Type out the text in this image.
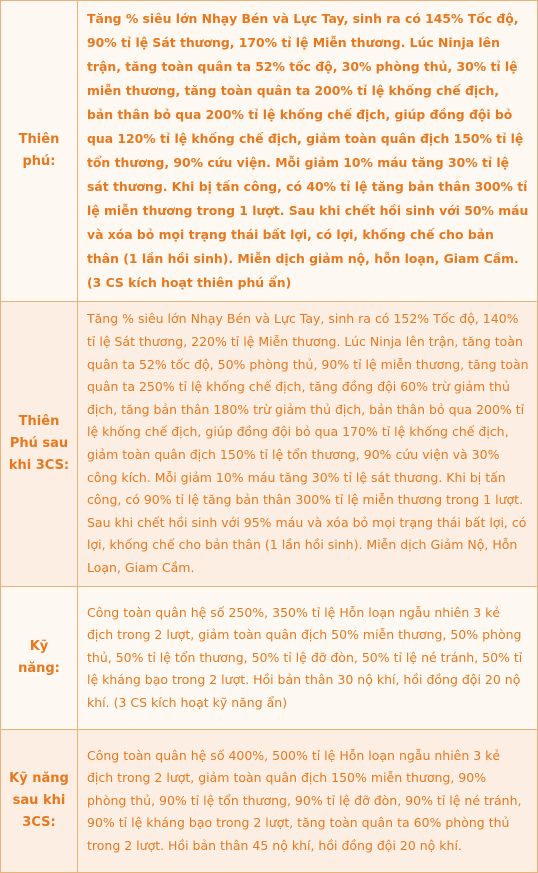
Thiên phú:	Tăng % siêu lớn Nhạy Bén và Lực Tay, sinh ra có 145% Tốc độ, 90% tỉ lệ Sát thương, 170% tỉ lệ Miễn thương. Lúc Ninja lên trận, tăng toàn quân ta 52% tốc độ, 30% phòng thủ, 30% tỉ lệ miễn thương, tăng toàn quân ta 200% tỉ lệ khống chế địch, bản thân bỏ qua 200% tỉ lệ khống chế địch, giúp đồng đội bỏ qua 120% tỉ lệ khống chế địch, giảm toàn quân địch 150% tỉ lệ tổn thương, 90% cứu viện. Mỗi giảm 10% máu tăng 30% tỉ lệ sát thương. Khi bị tấn công, có 40% tỉ lệ tăng bản thân 300% tỉ lệ miễn thương trong 1 lượt. Sau khi chết hồi sinh với 50% máu và xóa bỏ mọi trạng thái bất lợi, có lợi, khống chế cho bản thân (1 lần hồi sinh). Miễn dịch giảm nộ, hỗn loạn, Giam Cầm. (3 CS kích hoạt thiên phú ẩn)
Thiên Phú sau khi 3CS:	Tăng % siêu lớn Nhạy Bén và Lực Tay, sinh ra có 152% Tốc độ, 140% tỉ lệ Sát thương, 220% tỉ lệ Miễn thương. Lúc Ninja lên trận, tăng toàn quân ta 52% tốc độ, 50% phòng thủ, 90% tỉ lệ miễn thương, tăng toàn quân ta 250% tỉ lệ khống chế địch, tăng đồng đội 60% trừ giảm thủ địch, tăng bản thân 180% trừ giảm thủ địch, bản thân bỏ qua 200% tỉ lệ khống chế địch, giúp đồng đội bỏ qua 170% tỉ lệ khống chế địch, giảm toàn quân địch 150% tỉ lệ tổn thương, 90% cứu viện và 30% công kích. Mỗi giảm 10% máu tăng 30% tỉ lệ sát thương. Khi bị tấn công, có 90% tỉ lệ tăng bản thân 300% tỉ lệ miễn thương trong 1 lượt. Sau khi chết hồi sinh với 95% máu và xóa bỏ mọi trạng thái bất lợi, có lợi, khống chế cho bản thân (1 lần hồi sinh). Miễn dịch Giảm Nộ, Hỗn Loạn, Giam Cầm.
Kỹ năng:	Công toàn quân hệ số 250%, 350% tỉ lệ Hỗn loạn ngẫu nhiên 3 kẻ địch trong 2 lượt, giảm toàn quân địch 50% miễn thương, 50% phòng thủ, 50% tỉ lệ tổn thương, 50% tỉ lệ đỡ đòn, 50% tỉ lệ né tránh, 50% tỉ lệ kháng bạo trong 2 lượt. Hồi bản thân 30 nộ khí, hồi đồng đội 20 nộ khí. (3 CS kích hoạt kỹ năng ẩn)
Kỹ năng sau khi 3CS:	Công toàn quân hệ số 400%, 500% tỉ lệ Hỗn loạn ngẫu nhiên 3 kẻ địch trong 2 lượt, giảm toàn quân địch 150% miễn thương, 90% phòng thủ, 90% tỉ lệ tổn thương, 90% tỉ lệ đỡ đòn, 90% tỉ lệ né tránh, 90% tỉ lệ kháng bạo trong 2 lượt, tăng toàn quân ta 60% phòng thủ trong 2 lượt. Hồi bản thân 45 nộ khí, hồi đồng đội 20 nộ khí.
